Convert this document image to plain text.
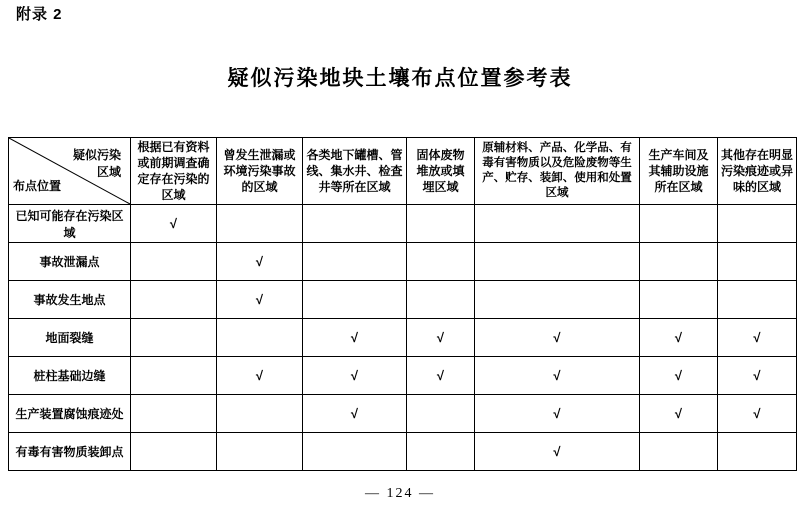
附录 2
疑似污染地块土壤布点位置参考表
疑似污染
区域
布点位置	根据已有资料或前期调查确定存在污染的区域	曾发生泄漏或环境污染事故的区域	各类地下罐槽、管线、集水井、检查井等所在区域	固体废物堆放或填埋区域	原辅材料、产品、化学品、有毒有害物质以及危险废物等生产、贮存、装卸、使用和处置区域	生产车间及其辅助设施所在区域	其他存在明显污染痕迹或异味的区域
已知可能存在污染区域	√						
事故泄漏点		√					
事故发生地点		√					
地面裂缝			√	√	√	√	√
桩柱基础边缝		√	√	√	√	√	√
生产装置腐蚀痕迹处			√		√	√	√
有毒有害物质装卸点					√		
— 124 —
